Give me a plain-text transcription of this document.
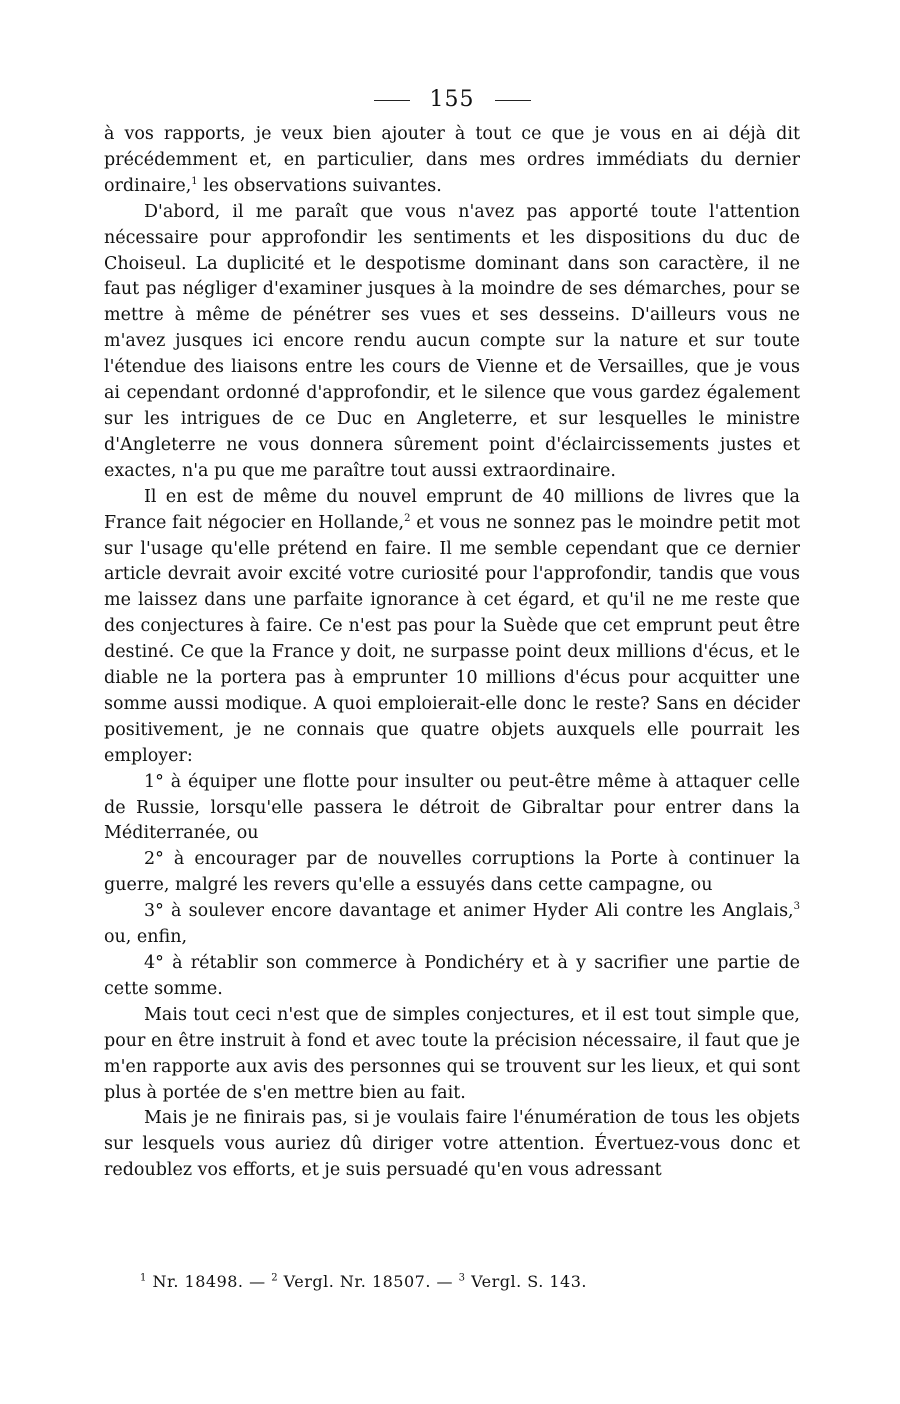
155

à vos rapports, je veux bien ajouter à tout ce que je vous en ai déjà dit précédemment et, en particulier, dans mes ordres immédiats du dernier ordinaire,$^1$ les observations suivantes.

D'abord, il me paraît que vous n'avez pas apporté toute l'attention nécessaire pour approfondir les sentiments et les dispositions du duc de Choiseul. La duplicité et le despotisme dominant dans son caractère, il ne faut pas négliger d'examiner jusques à la moindre de ses démarches, pour se mettre à même de pénétrer ses vues et ses desseins. D'ailleurs vous ne m'avez jusques ici encore rendu aucun compte sur la nature et sur toute l'étendue des liaisons entre les cours de Vienne et de Versailles, que je vous ai cependant ordonné d'approfondir, et le silence que vous gardez également sur les intrigues de ce Duc en Angleterre, et sur lesquelles le ministre d'Angleterre ne vous donnera sûrement point d'éclaircissements justes et exactes, n'a pu que me paraître tout aussi extraordinaire.

Il en est de même du nouvel emprunt de 40 millions de livres que la France fait négocier en Hollande,$^2$ et vous ne sonnez pas le moindre petit mot sur l'usage qu'elle prétend en faire. Il me semble cependant que ce dernier article devrait avoir excité votre curiosité pour l'approfondir, tandis que vous me laissez dans une parfaite ignorance à cet égard, et qu'il ne me reste que des conjectures à faire. Ce n'est pas pour la Suède que cet emprunt peut être destiné. Ce que la France y doit, ne surpasse point deux millions d'écus, et le diable ne la portera pas à emprunter 10 millions d'écus pour acquitter une somme aussi modique. A quoi emploierait-elle donc le reste? Sans en décider positivement, je ne connais que quatre objets auxquels elle pourrait les employer:

1° à équiper une flotte pour insulter ou peut-être même à attaquer celle de Russie, lorsqu'elle passera le détroit de Gibraltar pour entrer dans la Méditerranée, ou

2° à encourager par de nouvelles corruptions la Porte à continuer la guerre, malgré les revers qu'elle a essuyés dans cette campagne, ou

3° à soulever encore davantage et animer Hyder Ali contre les Anglais,$^3$ ou, enfin,

4° à rétablir son commerce à Pondichéry et à y sacrifier une partie de cette somme.

Mais tout ceci n'est que de simples conjectures, et il est tout simple que, pour en être instruit à fond et avec toute la précision nécessaire, il faut que je m'en rapporte aux avis des personnes qui se trouvent sur les lieux, et qui sont plus à portée de s'en mettre bien au fait.

Mais je ne finirais pas, si je voulais faire l'énumération de tous les objets sur lesquels vous auriez dû diriger votre attention. Évertuez-vous donc et redoublez vos efforts, et je suis persuadé qu'en vous adressant

$^1$ Nr. 18498. — $^2$ Vergl. Nr. 18507. — $^3$ Vergl. S. 143.
